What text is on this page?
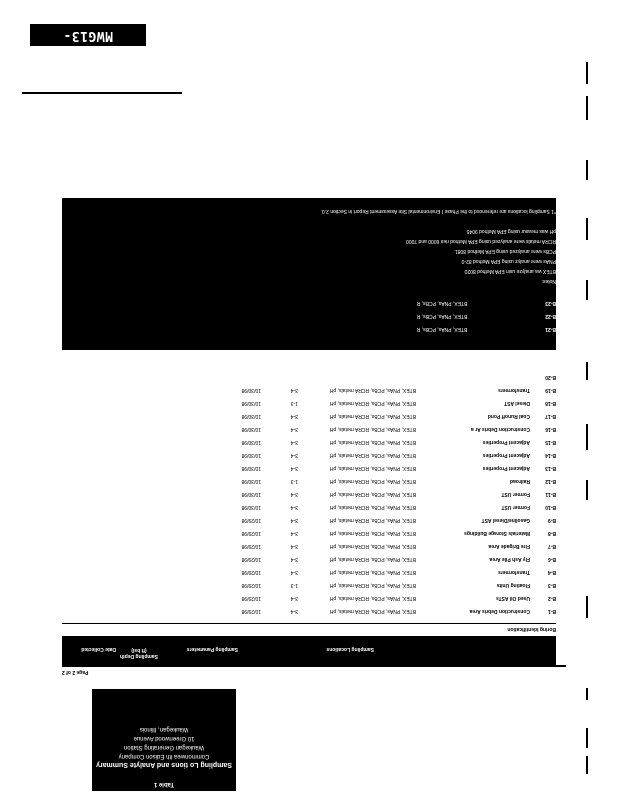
Table 1
Sampling Lo tions and Analyte Summary
Commonwea lth Edison Company
Waukegan Generating Station
10 Greenwood Avenue
Waukegan, Illinois
Page 2 of 2
Sampling Locations
Sampling Parameters
Sampling Depth
(ft bsl)
Date Collected
Boring Identification
B-1
Construction Debris Area
BTEX, PNAs, PCBs, RCRA metals, pH
3-4
10/29/98
B-2
Used Oil ASTs
BTEX, PNAs, PCBs, RCRA metals, pH
3-4
10/29/98
B-3
Floating Units
BTEX, PNAs, PCBs, RCRA metals, pH
1-3
10/29/98
B-4
Transformers
BTEX, PNAs, PCBs, RCRA metals, pH
3-4
10/29/98
B-6
Fly Ash Pile Area
BTEX, PNAs, PCBs, RCRA metals, pH
3-4
10/29/98
B-7
Fire Brigade Area
BTEX, PNAs, PCBs, RCRA metals, pH
3-4
10/29/98
B-8
Materials Storage Buildings
BTEX, PNAs, PCBs, RCRA metals, pH
3-4
10/29/98
B-9
Gasoline/Diesel AST
BTEX, PNAs, PCBs, RCRA metals, pH
3-4
10/29/98
B-10
Former UST
BTEX, PNAs, PCBs, RCRA metals, pH
3-4
10/30/98
B-11
Former UST
BTEX, PNAs, PCBs, RCRA metals, pH
3-4
10/30/98
B-12
Railroad
BTEX, PNAs, PCBs, RCRA metals, pH
1-3
10/30/98
B-13
Adjacent Properties
BTEX, PNAs, PCBs, RCRA metals, pH
3-4
10/30/98
B-14
Adjacent Properties
BTEX, PNAs, PCBs, RCRA metals, pH
3-4
10/30/98
B-15
Adjacent Properties
BTEX, PNAs, PCBs, RCRA metals, pH
3-4
10/30/98
B-16
Construction Debris Ar a
BTEX, PNAs, PCBs, RCRA metals, pH
3-4
10/30/98
B-17
Coal Runoff Pond
BTEX, PNAs, PCBs, RCRA metals, pH
3-4
10/30/98
B-18
Diesel AST
BTEX, PNAs, PCBs, RCRA metals, pH
1-3
10/30/98
B-19
Transformers
BTEX, PNAs, PCBs, RCRA metals, pH
3-4
10/30/98
B-20
B-21                                                        BTEX, PNAs, PCBs, R
B-22                                                        BTEX, PNAs, PCBs, R
B-23                                                        BTEX, PNAs, PCBs, R
Notes:
BTEX wa analyze usin EPA Method 8020
PNAs were analyz using EPA Method 82-0
PCBs were analyzed using EPA Method 8081
RCRA metals were analyzed using EPA Method ries 6000 and 7000
pH was measur using EPA Method 9045
*1 Sampling locations are referenced to the Phase I Environmental Site Assessment Report in Section 2.0.
MWG13-15_45804
